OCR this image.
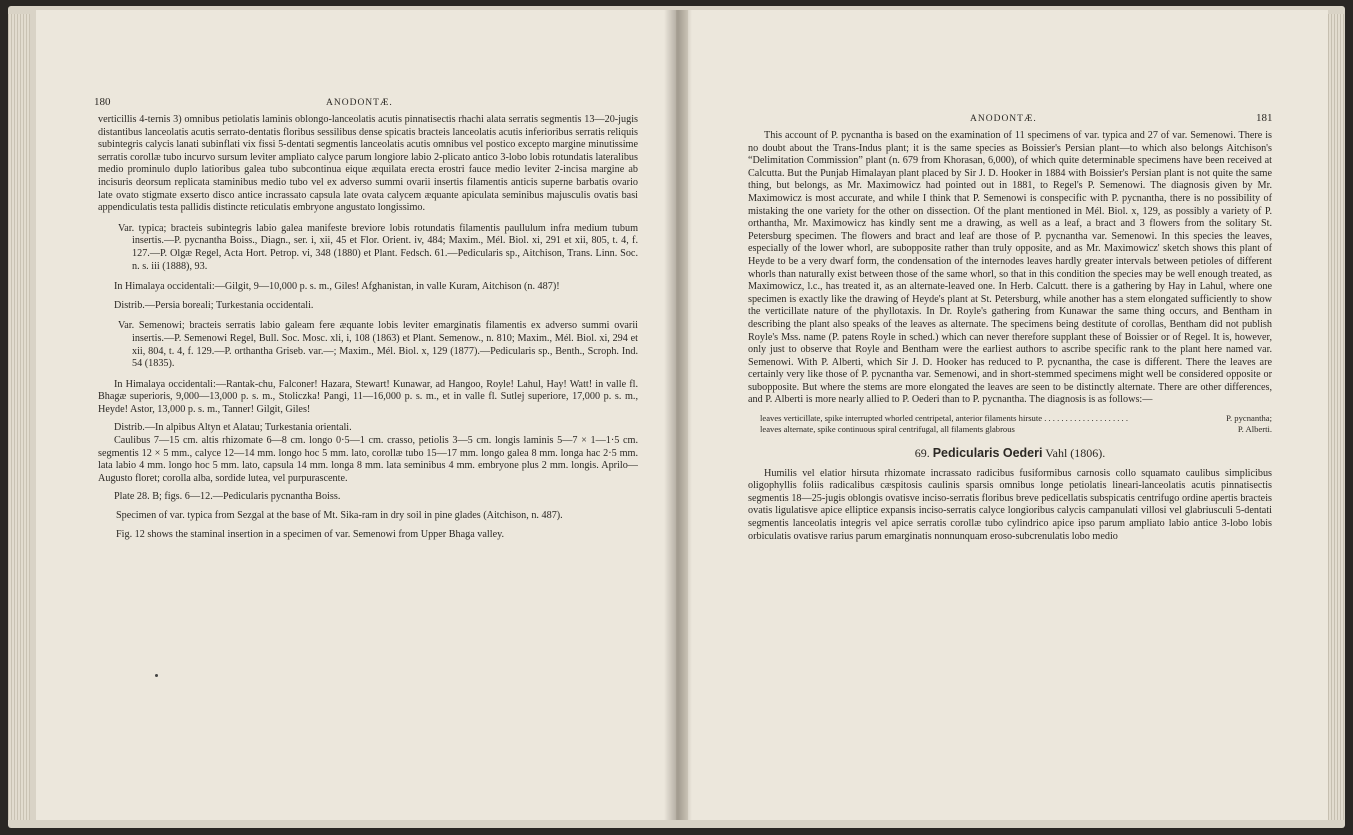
180	ANODONTÆ.

verticillis 4-ternis 3) omnibus petiolatis laminis oblongo-lanceolatis acutis pinnatisectis rhachi alata serratis segmentis 13—20-jugis distantibus lanceolatis acutis serrato-dentatis floribus sessilibus dense spicatis bracteis lanceolatis acutis inferioribus serratis reliquis subintegris calycis lanati subinflati vix fissi 5-dentati segmentis lanceolatis acutis omnibus vel postico excepto margine minutissime serratis corollæ tubo incurvo sursum leviter ampliato calyce parum longiore labio 2-plicato antico 3-lobo lobis rotundatis lateralibus medio prominulo duplo latioribus galea tubo subcontinua eique æquilata erecta erostri fauce medio leviter 2-incisa margine ab incisuris deorsum replicata staminibus medio tubo vel ex adverso summi ovarii insertis filamentis anticis superne barbatis ovario late ovato stigmate exserto disco antice incrassato capsula late ovata calycem æquante apiculata seminibus majusculis ovatis basi appendiculatis testa pallidis distincte reticulatis embryone angustato longissimo.

Var. typica; bracteis subintegris labio galea manifeste breviore lobis rotundatis filamentis paullulum infra medium tubum insertis.—P. pycnantha Boiss., Diagn., ser. i, xii, 45 et Flor. Orient. iv, 484; Maxim., Mél. Biol. xi, 291 et xii, 805, t. 4, f. 127.—P. Olgæ Regel, Acta Hort. Petrop. vi, 348 (1880) et Plant. Fedsch. 61.—Pedicularis sp., Aitchison, Trans. Linn. Soc. n. s. iii (1888), 93.

In Himalaya occidentali:—Gilgit, 9—10,000 p. s. m., Giles! Afghanistan, in valle Kuram, Aitchison (n. 487)!

Distrib.—Persia boreali; Turkestania occidentali.

Var. Semenowi; bracteis serratis labio galeam fere æquante lobis leviter emarginatis filamentis ex adverso summi ovarii insertis.—P. Semenowi Regel, Bull. Soc. Mosc. xli, i, 108 (1863) et Plant. Semenow., n. 810; Maxim., Mél. Biol. xi, 294 et xii, 804, t. 4, f. 129.—P. orthantha Griseb. var.—; Maxim., Mél. Biol. x, 129 (1877).—Pedicularis sp., Benth., Scroph. Ind. 54 (1835).

In Himalaya occidentali:—Rantak-chu, Falconer! Hazara, Stewart! Kunawar, ad Hangoo, Royle! Lahul, Hay! Watt! in valle fl. Bhagæ superioris, 9,000—13,000 p. s. m., Stoliczka! Pangi, 11—16,000 p. s. m., et in valle fl. Sutlej superiore, 17,000 p. s. m., Heyde! Astor, 13,000 p. s. m., Tanner! Gilgit, Giles!

Distrib.—In alpibus Altyn et Alatau; Turkestania orientali.

Caulibus 7—15 cm. altis rhizomate 6—8 cm. longo 0·5—1 cm. crasso, petiolis 3—5 cm. longis laminis 5—7 × 1—1·5 cm. segmentis 12 × 5 mm., calyce 12—14 mm. longo hoc 5 mm. lato, corollæ tubo 15—17 mm. longo galea 8 mm. longa hac 2·5 mm. lata labio 4 mm. longo hoc 5 mm. lato, capsula 14 mm. longa 8 mm. lata seminibus 4 mm. embryone plus 2 mm. longis. Aprilo—Augusto floret; corolla alba, sordide lutea, vel purpurascente.

Plate 28. B; figs. 6—12.—Pedicularis pycnantha Boiss.

Specimen of var. typica from Sezgal at the base of Mt. Sika-ram in dry soil in pine glades (Aitchison, n. 487).

Fig. 12 shows the staminal insertion in a specimen of var. Semenowi from Upper Bhaga valley.

ANODONTÆ.	181

This account of P. pycnantha is based on the examination of 11 specimens of var. typica and 27 of var. Semenowi. There is no doubt about the Trans-Indus plant; it is the same species as Boissier's Persian plant—to which also belongs Aitchison's “Delimitation Commission” plant (n. 679 from Khorasan, 6,000), of which quite determinable specimens have been received at Calcutta. But the Punjab Himalayan plant placed by Sir J. D. Hooker in 1884 with Boissier's Persian plant is not quite the same thing, but belongs, as Mr. Maximowicz had pointed out in 1881, to Regel's P. Semenowi. The diagnosis given by Mr. Maximowicz is most accurate, and while I think that P. Semenowi is conspecific with P. pycnantha, there is no possibility of mistaking the one variety for the other on dissection. Of the plant mentioned in Mél. Biol. x, 129, as possibly a variety of P. orthantha, Mr. Maximowicz has kindly sent me a drawing, as well as a leaf, a bract and 3 flowers from the solitary St. Petersburg specimen. The flowers and bract and leaf are those of P. pycnantha var. Semenowi. In this species the leaves, especially of the lower whorl, are subopposite rather than truly opposite, and as Mr. Maximowicz' sketch shows this plant of Heyde to be a very dwarf form, the condensation of the internodes leaves hardly greater intervals between petioles of different whorls than naturally exist between those of the same whorl, so that in this condition the species may be well enough treated, as Maximowicz, l.c., has treated it, as an alternate-leaved one. In Herb. Calcutt. there is a gathering by Hay in Lahul, where one specimen is exactly like the drawing of Heyde's plant at St. Petersburg, while another has a stem elongated sufficiently to show the verticillate nature of the phyllotaxis. In Dr. Royle's gathering from Kunawar the same thing occurs, and Bentham in describing the plant also speaks of the leaves as alternate. The specimens being destitute of corollas, Bentham did not publish Royle's Mss. name (P. patens Royle in sched.) which can never therefore supplant these of Boissier or of Regel. It is, however, only just to observe that Royle and Bentham were the earliest authors to ascribe specific rank to the plant here named var. Semenowi. With P. Alberti, which Sir J. D. Hooker has reduced to P. pycnantha, the case is different. There the leaves are certainly very like those of P. pycnantha var. Semenowi, and in short-stemmed specimens might well be considered opposite or subopposite. But where the stems are more elongated the leaves are seen to be distinctly alternate. There are other differences, and P. Alberti is more nearly allied to P. Oederi than to P. pycnantha. The diagnosis is as follows:—

leaves verticillate, spike interrupted whorled centripetal, anterior filaments hirsute . . . . . . . . . . . . . . . . . . . .	P. pycnantha;
leaves alternate, spike continuous spiral centrifugal, all filaments glabrous	P. Alberti.
69. Pedicularis Oederi Vahl (1806).

Humilis vel elatior hirsuta rhizomate incrassato radicibus fusiformibus carnosis collo squamato caulibus simplicibus oligophyllis foliis radicalibus cæspitosis caulinis sparsis omnibus longe petiolatis lineari-lanceolatis acutis pinnatisectis segmentis 18—25-jugis oblongis ovatisve inciso-serratis floribus breve pedicellatis subspicatis centrifugo ordine apertis bracteis ovatis ligulatisve apice elliptice expansis inciso-serratis calyce longioribus calycis campanulati villosi vel glabriusculi 5-dentati segmentis lanceolatis integris vel apice serratis corollæ tubo cylindrico apice ipso parum ampliato labio antice 3-lobo lobis orbiculatis ovatisve rarius parum emarginatis nonnunquam eroso-subcrenulatis lobo medio
